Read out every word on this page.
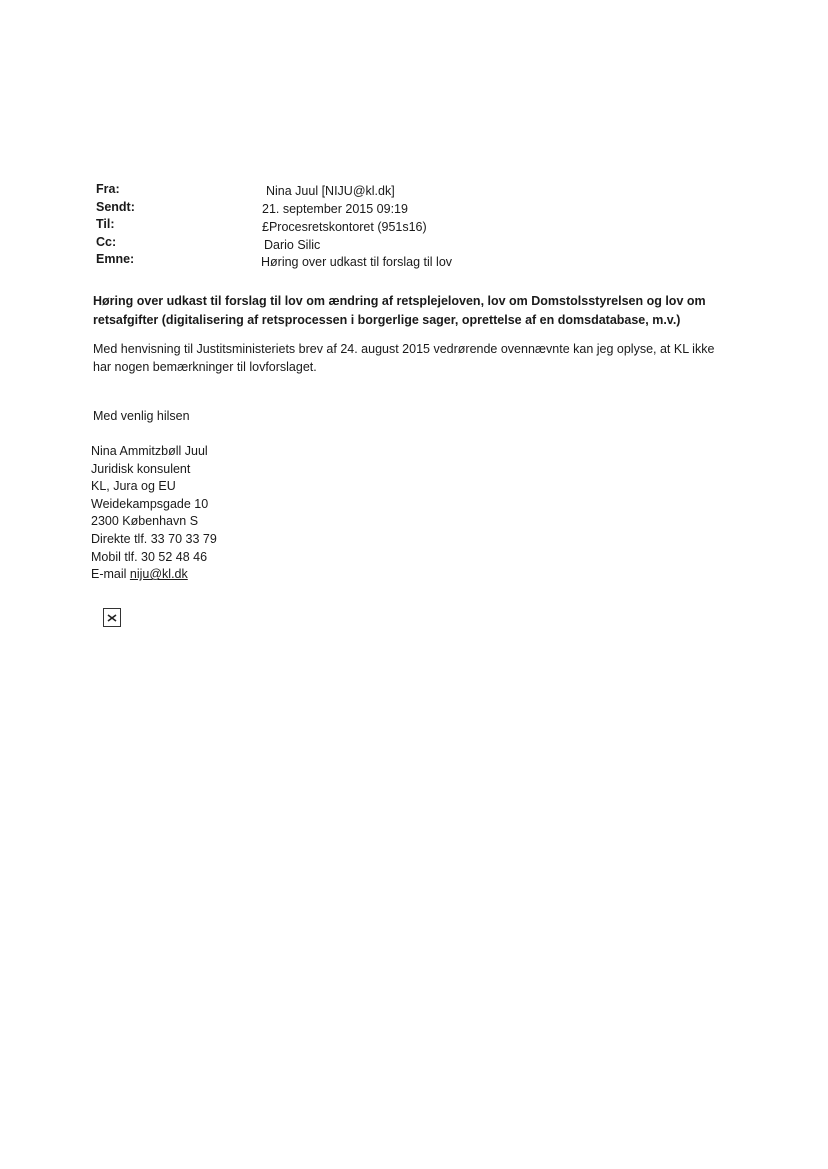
Fra:	Nina Juul [NIJU@kl.dk]
Sendt:	21. september 2015 09:19
Til:	£Procesretskontoret (951s16)
Cc:	Dario Silic
Emne:	Høring over udkast til forslag til lov
Høring over udkast til forslag til lov om ændring af retsplejeloven, lov om Domstolsstyrelsen og lov om retsafgifter (digitalisering af retsprocessen i borgerlige sager, oprettelse af en domsdatabase, m.v.)
Med henvisning til Justitsministeriets brev af 24. august 2015 vedrørende ovennævnte kan jeg oplyse, at KL ikke har nogen bemærkninger til lovforslaget.
Med venlig hilsen
Nina Ammitzbøll Juul
Juridisk konsulent
KL, Jura og EU
Weidekampsgade 10
2300 København S
Direkte tlf. 33 70 33 79
Mobil tlf. 30 52 48 46
E-mail niju@kl.dk
